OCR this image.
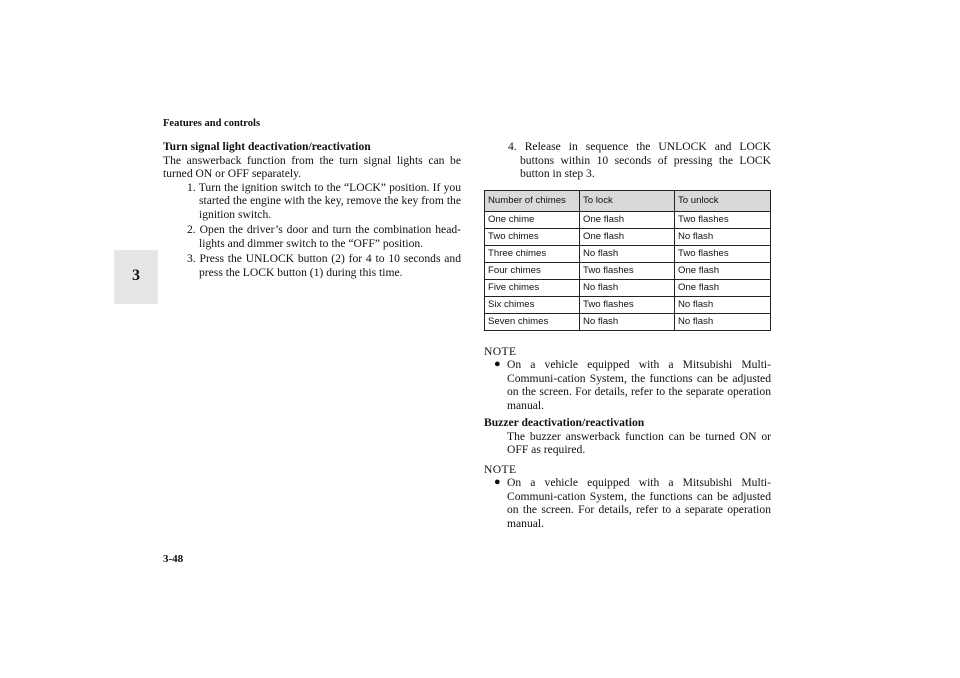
Features and controls
3
Turn signal light deactivation/reactivation

The answerback function from the turn signal lights can be turned ON or OFF separately.

1. Turn the ignition switch to the “LOCK” position. If you started the engine with the key, remove the key from the ignition switch.

2. Open the driver’s door and turn the combination head-lights and dimmer switch to the “OFF” position.

3. Press the UNLOCK button (2) for 4 to 10 seconds and press the LOCK button (1) during this time.

4. Release in sequence the UNLOCK and LOCK buttons within 10 seconds of pressing the LOCK button in step 3.

Number of chimes	To lock	To unlock
One chime	One flash	Two flashes
Two chimes	One flash	No flash
Three chimes	No flash	Two flashes
Four chimes	Two flashes	One flash
Five chimes	No flash	One flash
Six chimes	Two flashes	No flash
Seven chimes	No flash	No flash
NOTE
● On a vehicle equipped with a Mitsubishi Multi-Communi-cation System, the functions can be adjusted on the screen. For details, refer to the separate operation manual.
Buzzer deactivation/reactivation
The buzzer answerback function can be turned ON or OFF as required.
NOTE
● On a vehicle equipped with a Mitsubishi Multi-Communi-cation System, the functions can be adjusted on the screen. For details, refer to a separate operation manual.
3-48
